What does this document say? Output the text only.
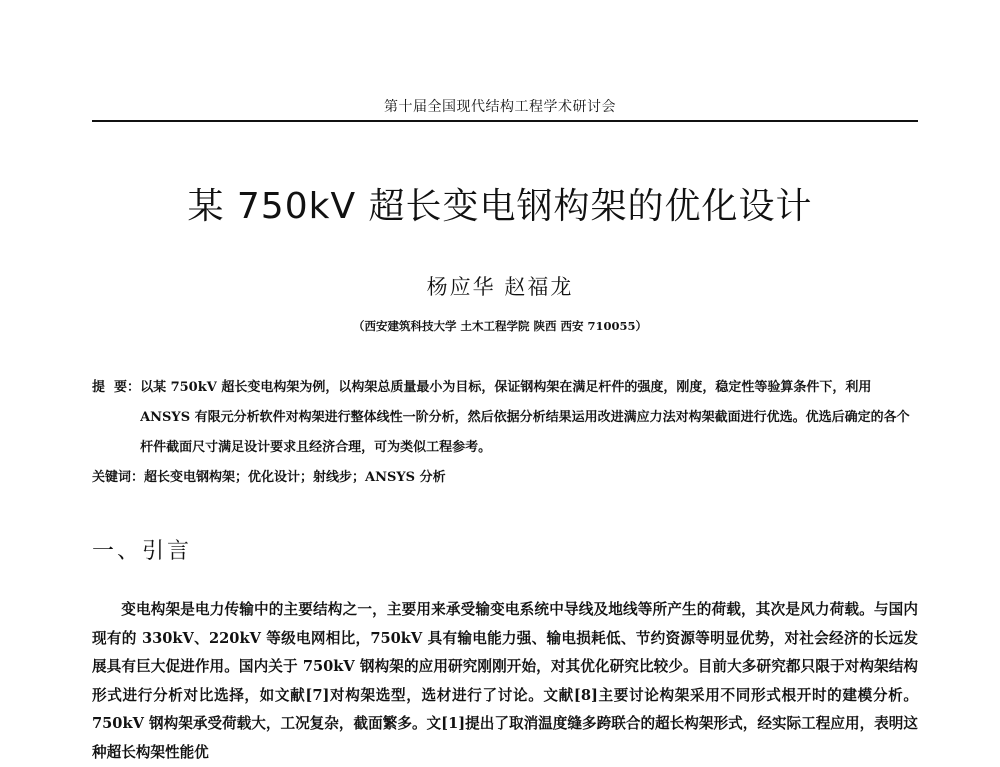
第十届全国现代结构工程学术研讨会
某 750kV 超长变电钢构架的优化设计
杨应华 赵福龙
（西安建筑科技大学 土木工程学院 陕西 西安 710055）
提  要： 以某 750kV 超长变电构架为例，以构架总质量最小为目标，保证钢构架在满足杆件的强度，刚度，稳定性等验算条件下，利用 ANSYS 有限元分析软件对构架进行整体线性一阶分析，然后依据分析结果运用改进满应力法对构架截面进行优选。优选后确定的各个杆件截面尺寸满足设计要求且经济合理，可为类似工程参考。
关键词： 超长变电钢构架；优化设计；射线步；ANSYS 分析
一、引言
变电构架是电力传输中的主要结构之一，主要用来承受输变电系统中导线及地线等所产生的荷载，其次是风力荷载。与国内现有的 330kV、220kV 等级电网相比，750kV 具有输电能力强、输电损耗低、节约资源等明显优势，对社会经济的长远发展具有巨大促进作用。国内关于 750kV 钢构架的应用研究刚刚开始，对其优化研究比较少。目前大多研究都只限于对构架结构形式进行分析对比选择，如文献[7]对构架选型，选材进行了讨论。文献[8]主要讨论构架采用不同形式根开时的建模分析。750kV 钢构架承受荷载大，工况复杂，截面繁多。文[1]提出了取消温度缝多跨联合的超长构架形式，经实际工程应用，表明这种超长构架性能优
